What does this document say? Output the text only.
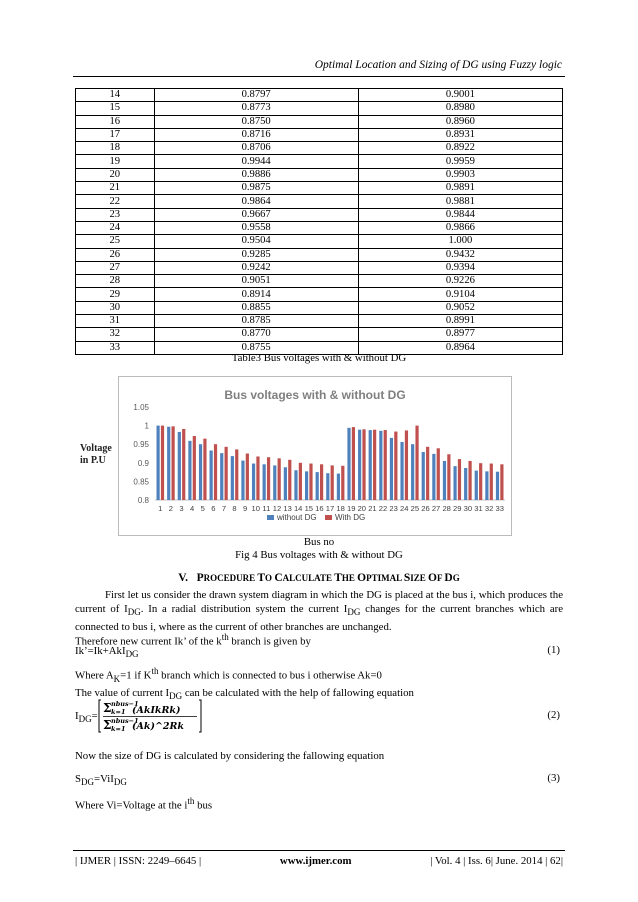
Optimal Location and Sizing of DG using Fuzzy logic
14	0.8797	0.9001
15	0.8773	0.8980
16	0.8750	0.8960
17	0.8716	0.8931
18	0.8706	0.8922
19	0.9944	0.9959
20	0.9886	0.9903
21	0.9875	0.9891
22	0.9864	0.9881
23	0.9667	0.9844
24	0.9558	0.9866
25	0.9504	1.000
26	0.9285	0.9432
27	0.9242	0.9394
28	0.9051	0.9226
29	0.8914	0.9104
30	0.8855	0.9052
31	0.8785	0.8991
32	0.8770	0.8977
33	0.8755	0.8964
Table3 Bus voltages with & without DG
Bus voltages with & without DG
1.05
1
0.95
0.9
0.85
0.8
1 2 3 4 5 6 7 8 9 10 11 12 13 14 15 16 17 18 19 20 21 22 23 24 25 26 27 28 29 30 31 32 33
without DG With DG
Voltage
in P.U
Bus no
Fig 4 Bus voltages with & without DG
V. PROCEDURE TO CALCULATE THE OPTIMAL SIZE OF DG
First let us consider the drawn system diagram in which the DG is placed at the bus i, which produces the current of $I_{DG}$. In a radial distribution system the current $I_{DG}$ changes for the current branches which are connected to bus i, where as the current of other branches are unchanged.
Therefore new current Ik’ of the $k^{th}$ branch is given by
Ik’=Ik+AkI$_{DG}$	(1)
Where $A_K=1$ if $K^{th}$ branch which is connected to bus i otherwise Ak=0
The value of current $I_{DG}$ can be calculated with the help of fallowing equation
$I_{DG}=$
Σ nbus−1
k=1 (AkIkRk)
Σ nbus−1
k=1 (Ak)^2Rk
(2)
Now the size of DG is calculated by considering the fallowing equation
$S_{DG}=ViI_{DG}$	(3)
Where Vi=Voltage at the $i^{th}$ bus
| IJMER | ISSN: 2249–6645 |	www.ijmer.com	| Vol. 4 | Iss. 6| June. 2014 | 62|
